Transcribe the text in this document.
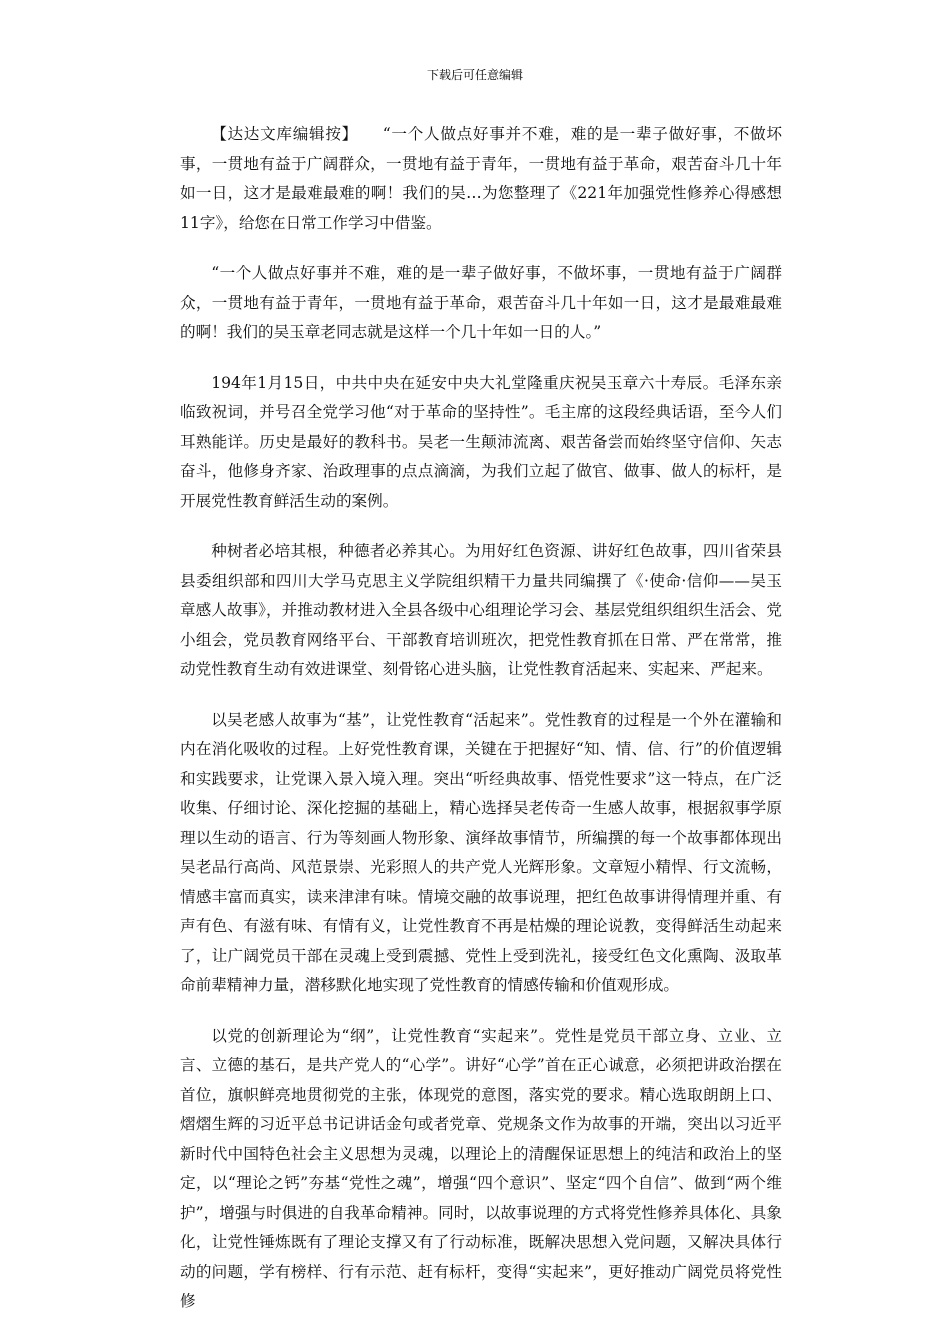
下载后可任意编辑

【达达文库编辑按】　　“一个人做点好事并不难，难的是一辈子做好事，不做坏事，一贯地有益于广阔群众，一贯地有益于青年，一贯地有益于革命，艰苦奋斗几十年如一日，这才是最难最难的啊！我们的吴…为您整理了《221年加强党性修养心得感想11字》，给您在日常工作学习中借鉴。

“一个人做点好事并不难，难的是一辈子做好事，不做坏事，一贯地有益于广阔群众，一贯地有益于青年，一贯地有益于革命，艰苦奋斗几十年如一日，这才是最难最难的啊！我们的吴玉章老同志就是这样一个几十年如一日的人。”

194年1月15日，中共中央在延安中央大礼堂隆重庆祝吴玉章六十寿辰。毛泽东亲临致祝词，并号召全党学习他“对于革命的坚持性”。毛主席的这段经典话语，至今人们耳熟能详。历史是最好的教科书。吴老一生颠沛流离、艰苦备尝而始终坚守信仰、矢志奋斗，他修身齐家、治政理事的点点滴滴，为我们立起了做官、做事、做人的标杆，是开展党性教育鲜活生动的案例。

种树者必培其根，种德者必养其心。为用好红色资源、讲好红色故事，四川省荣县县委组织部和四川大学马克思主义学院组织精干力量共同编撰了《·使命·信仰——吴玉章感人故事》，并推动教材进入全县各级中心组理论学习会、基层党组织组织生活会、党小组会，党员教育网络平台、干部教育培训班次，把党性教育抓在日常、严在常常，推动党性教育生动有效进课堂、刻骨铭心进头脑，让党性教育活起来、实起来、严起来。

以吴老感人故事为“基”，让党性教育“活起来”。党性教育的过程是一个外在灌输和内在消化吸收的过程。上好党性教育课，关键在于把握好“知、情、信、行”的价值逻辑和实践要求，让党课入景入境入理。突出“听经典故事、悟党性要求”这一特点，在广泛收集、仔细讨论、深化挖掘的基础上，精心选择吴老传奇一生感人故事，根据叙事学原理以生动的语言、行为等刻画人物形象、演绎故事情节，所编撰的每一个故事都体现出吴老品行高尚、风范景崇、光彩照人的共产党人光辉形象。文章短小精悍、行文流畅，情感丰富而真实，读来津津有味。情境交融的故事说理，把红色故事讲得情理并重、有声有色、有滋有味、有情有义，让党性教育不再是枯燥的理论说教，变得鲜活生动起来了，让广阔党员干部在灵魂上受到震撼、党性上受到洗礼，接受红色文化熏陶、汲取革命前辈精神力量，潜移默化地实现了党性教育的情感传输和价值观形成。

以党的创新理论为“纲”，让党性教育“实起来”。党性是党员干部立身、立业、立言、立德的基石，是共产党人的“心学”。讲好“心学”首在正心诚意，必须把讲政治摆在首位，旗帜鲜亮地贯彻党的主张，体现党的意图，落实党的要求。精心选取朗朗上口、熠熠生辉的习近平总书记讲话金句或者党章、党规条文作为故事的开端，突出以习近平新时代中国特色社会主义思想为灵魂，以理论上的清醒保证思想上的纯洁和政治上的坚定，以“理论之钙”夯基“党性之魂”，增强“四个意识”、坚定“四个自信”、做到“两个维护”，增强与时俱进的自我革命精神。同时，以故事说理的方式将党性修养具体化、具象化，让党性锤炼既有了理论支撑又有了行动标准，既解决思想入党问题，又解决具体行动的问题，学有榜样、行有示范、赶有标杆，变得“实起来”，更好推动广阔党员将党性修
